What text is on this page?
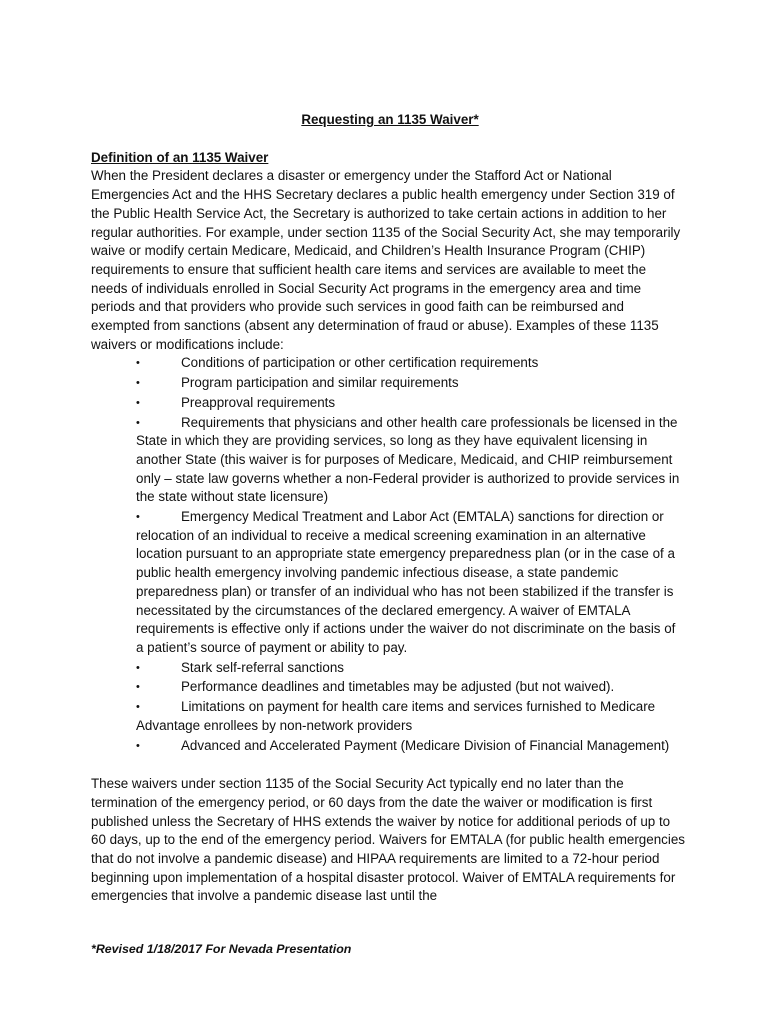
Requesting an 1135 Waiver*

Definition of an 1135 Waiver

When the President declares a disaster or emergency under the Stafford Act or National Emergencies Act and the HHS Secretary declares a public health emergency under Section 319 of the Public Health Service Act, the Secretary is authorized to take certain actions in addition to her regular authorities. For example, under section 1135 of the Social Security Act, she may temporarily waive or modify certain Medicare, Medicaid, and Children’s Health Insurance Program (CHIP) requirements to ensure that sufficient health care items and services are available to meet the needs of individuals enrolled in Social Security Act programs in the emergency area and time periods and that providers who provide such services in good faith can be reimbursed and exempted from sanctions (absent any determination of fraud or abuse). Examples of these 1135 waivers or modifications include:

•	Conditions of participation or other certification requirements
•	Program participation and similar requirements
•	Preapproval requirements
•	Requirements that physicians and other health care professionals be licensed in the State in which they are providing services, so long as they have equivalent licensing in another State (this waiver is for purposes of Medicare, Medicaid, and CHIP reimbursement only – state law governs whether a non-Federal provider is authorized to provide services in the state without state licensure)
•	Emergency Medical Treatment and Labor Act (EMTALA) sanctions for direction or relocation of an individual to receive a medical screening examination in an alternative location pursuant to an appropriate state emergency preparedness plan (or in the case of a public health emergency involving pandemic infectious disease, a state pandemic preparedness plan) or transfer of an individual who has not been stabilized if the transfer is necessitated by the circumstances of the declared emergency. A waiver of EMTALA requirements is effective only if actions under the waiver do not discriminate on the basis of a patient’s source of payment or ability to pay.
•	Stark self-referral sanctions
•	Performance deadlines and timetables may be adjusted (but not waived).
•	Limitations on payment for health care items and services furnished to Medicare Advantage enrollees by non-network providers
•	Advanced and Accelerated Payment (Medicare Division of Financial Management)

These waivers under section 1135 of the Social Security Act typically end no later than the termination of the emergency period, or 60 days from the date the waiver or modification is first published unless the Secretary of HHS extends the waiver by notice for additional periods of up to 60 days, up to the end of the emergency period. Waivers for EMTALA (for public health emergencies that do not involve a pandemic disease) and HIPAA requirements are limited to a 72-hour period beginning upon implementation of a hospital disaster protocol. Waiver of EMTALA requirements for emergencies that involve a pandemic disease last until the

*Revised 1/18/2017 For Nevada Presentation
